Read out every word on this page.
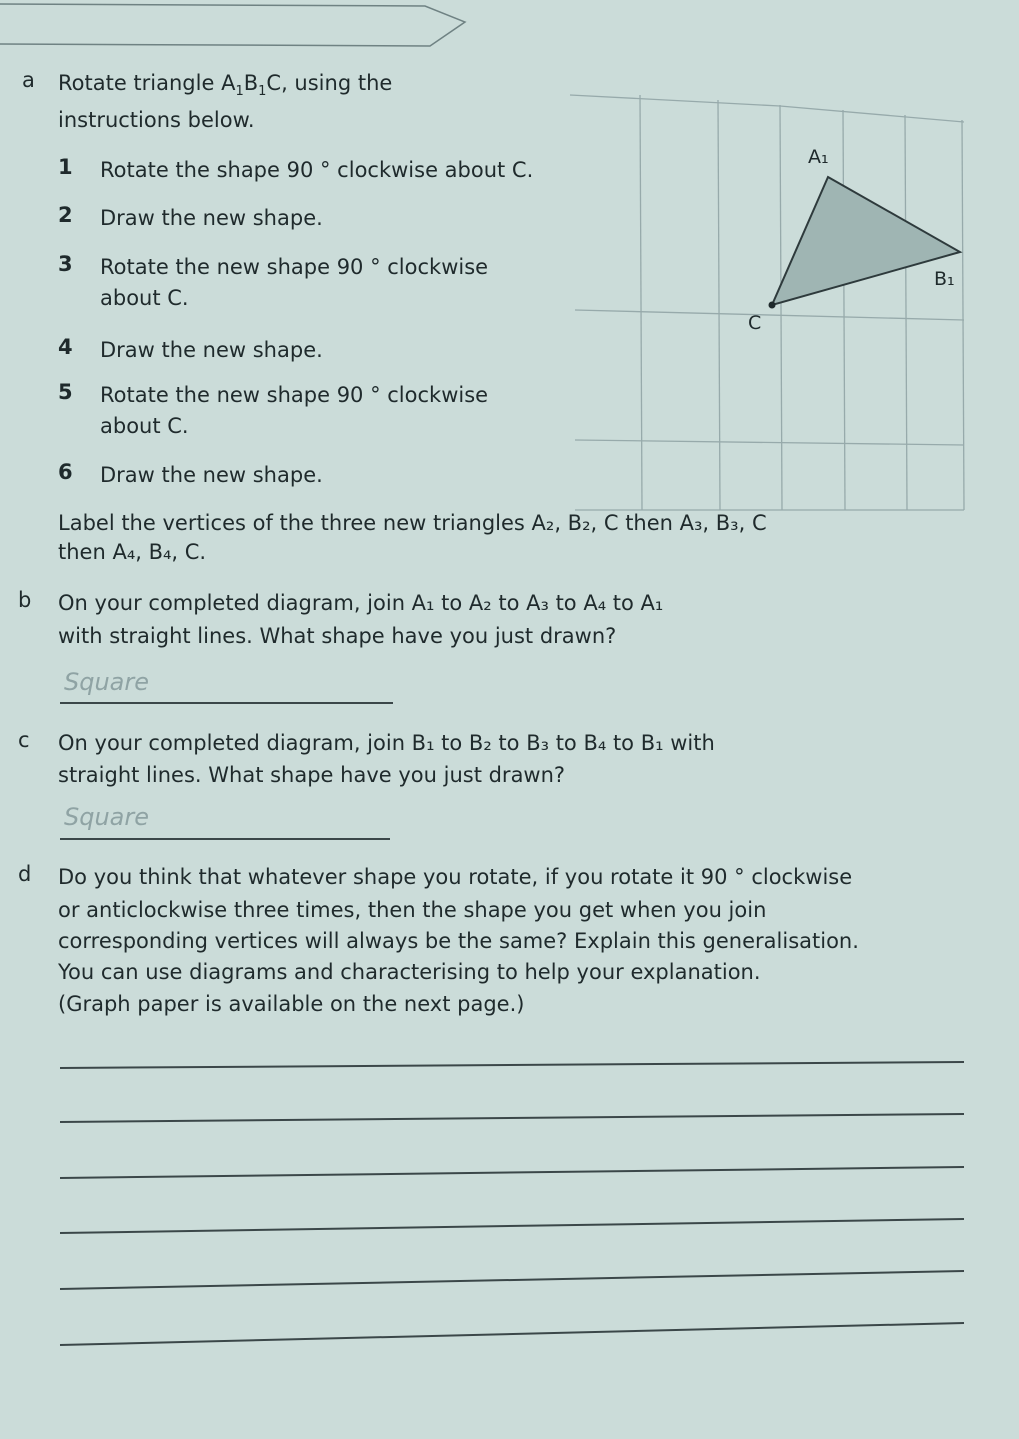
A₁
B₁
C
a Rotate triangle $A_1B_1C$, using the
instructions below.
1 Rotate the shape 90 ° clockwise about C.
2 Draw the new shape.
3 Rotate the new shape 90 ° clockwise
about C.
4 Draw the new shape.
5 Rotate the new shape 90 ° clockwise
about C.
6 Draw the new shape.
Label the vertices of the three new triangles A₂, B₂, C then A₃, B₃, C
then A₄, B₄, C.
b On your completed diagram, join A₁ to A₂ to A₃ to A₄ to A₁
with straight lines. What shape have you just drawn?
Square
c On your completed diagram, join B₁ to B₂ to B₃ to B₄ to B₁ with
straight lines. What shape have you just drawn?
Square
d Do you think that whatever shape you rotate, if you rotate it 90 ° clockwise
or anticlockwise three times, then the shape you get when you join
corresponding vertices will always be the same? Explain this generalisation.
You can use diagrams and characterising to help your explanation.
(Graph paper is available on the next page.)
